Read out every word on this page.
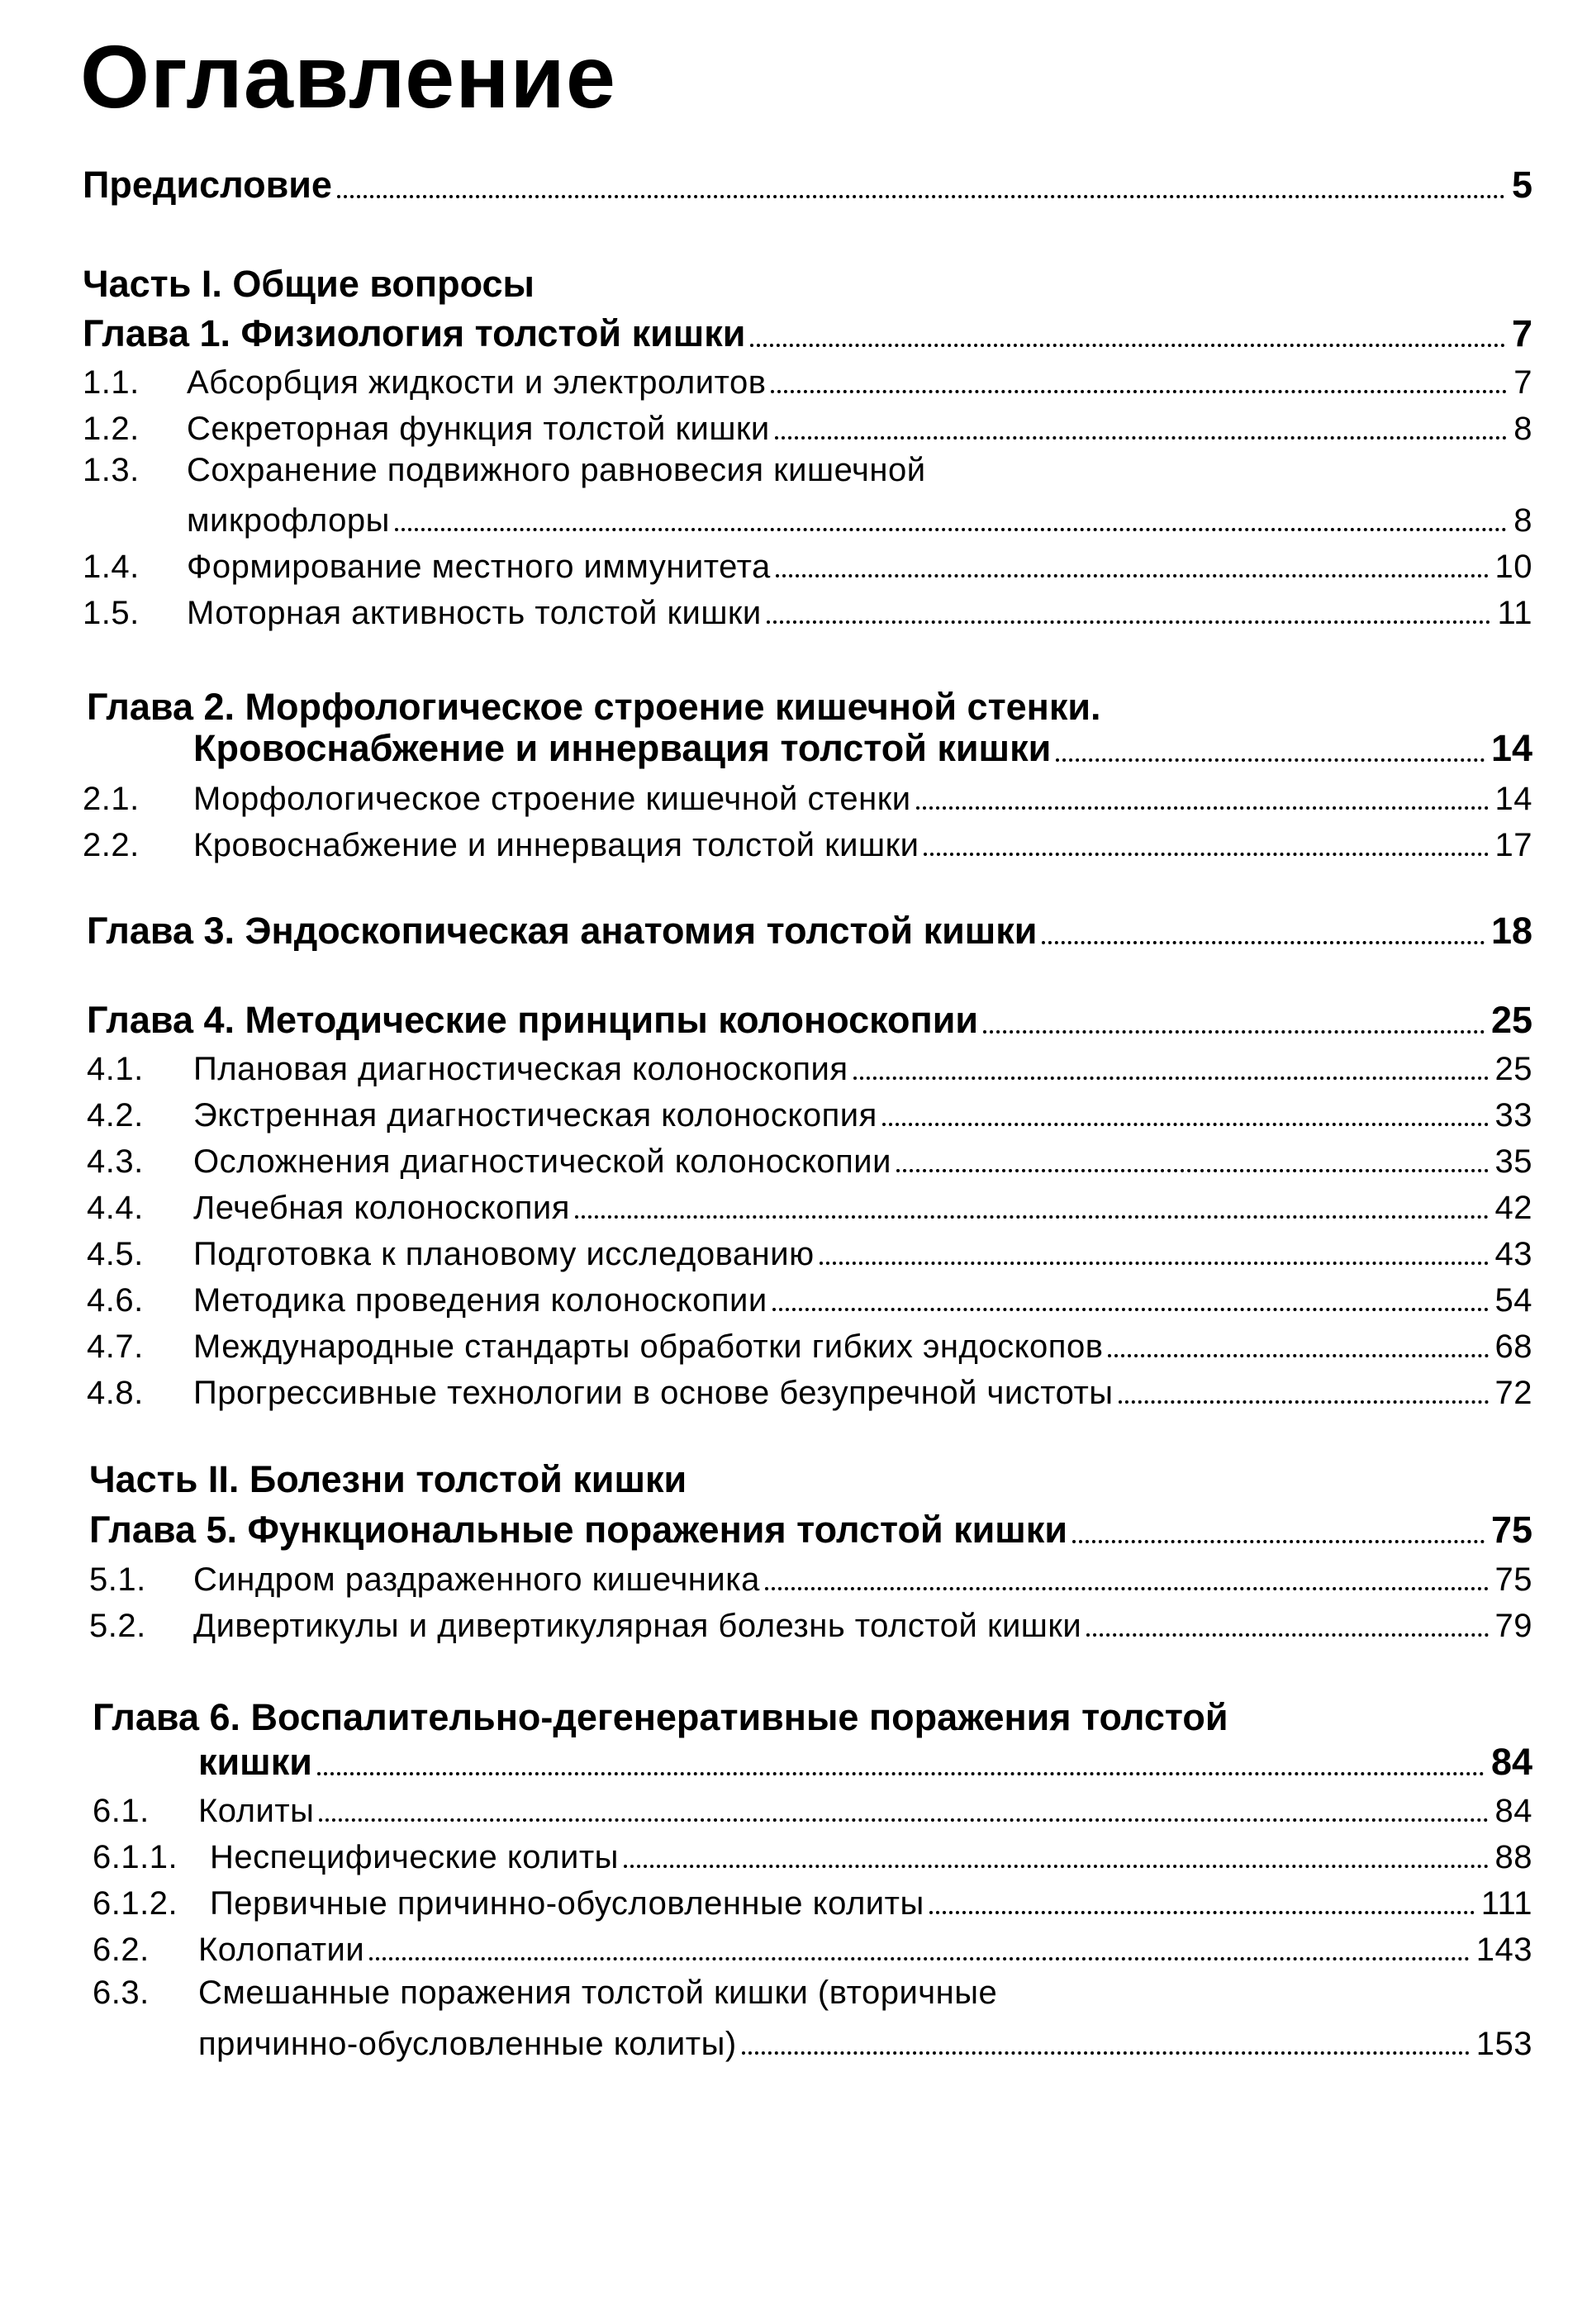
Оглавление
Предисловие	5
Часть I. Общие вопросы
Глава 1. Физиология толстой кишки	7
1.1.	Абсорбция жидкости и электролитов	7
1.2.	Секреторная функция толстой кишки	8
1.3. Сохранение подвижного равновесия кишечной
микрофлоры	8
1.4.	Формирование местного иммунитета	10
1.5.	Моторная активность толстой кишки	11
Глава 2. Морфологическое строение кишечной стенки.
Кровоснабжение и иннервация толстой кишки	14
2.1.	Морфологическое строение кишечной стенки	14
2.2.	Кровоснабжение и иннервация толстой кишки	17
Глава 3. Эндоскопическая анатомия толстой кишки	18
Глава 4. Методические принципы колоноскопии	25
4.1.	Плановая диагностическая колоноскопия	25
4.2.	Экстренная диагностическая колоноскопия	33
4.3.	Осложнения диагностической колоноскопии	35
4.4.	Лечебная колоноскопия	42
4.5.	Подготовка к плановому исследованию	43
4.6.	Методика проведения колоноскопии	54
4.7.	Международные стандарты обработки гибких эндоскопов	68
4.8.	Прогрессивные технологии в основе безупречной чистоты	72
Часть II. Болезни толстой кишки
Глава 5. Функциональные поражения толстой кишки	75
5.1.	Синдром раздраженного кишечника	75
5.2.	Дивертикулы и дивертикулярная болезнь толстой кишки	79
Глава 6. Воспалительно-дегенеративные поражения толстой
кишки	84
6.1.	Колиты	84
6.1.1. Неспецифические колиты	88
6.1.2. Первичные причинно-обусловленные колиты	111
6.2.	Колопатии	143
6.3. Смешанные поражения толстой кишки (вторичные
причинно-обусловленные колиты)	153
